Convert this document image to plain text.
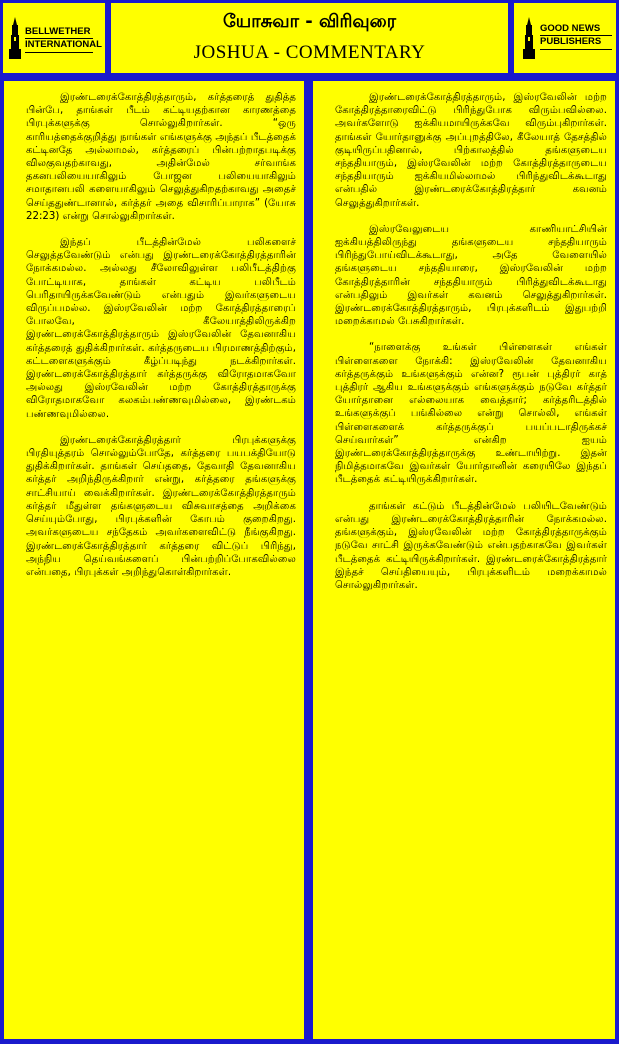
BELLWETHER
INTERNATIONAL
யோசுவா - விரிவுரை
JOSHUA - COMMENTARY
GOOD NEWS
PUBLISHERS

இரண்டரைக்கோத்திரத்தாரும், கர்த்தரைத் துதித்த பின்பே, தாங்கள் பீடம் கட்டியதற்கான காரணத்தை பிரபுக்களுக்கு சொல்லுகிறார்கள். “ஒரு காரியத்தைக்குறித்து நாங்கள் எங்களுக்கு அந்தப் பீடத்தைக் கட்டினதே அல்லாமல், கர்த்தரைப் பின்பற்றாதபடிக்கு விலகுவதற்காவது, அதின்மேல் சர்வாங்க தகனபலியையாகிலும் போஜன பலியையாகிலும் சமாதானபலி களையாகிலும் செலுத்துகிறதற்காவது அதைச் செய்ததுண்டானால், கர்த்தர் அதை விசாரிப்பாராக” (யோசு 22:23) என்று சொல்லுகிறார்கள்.

இந்தப் பீடத்தின்மேல் பலிகளைச் செலுத்தவேண்டும் என்பது இரண்டரைக்கோத்திரத்தாரின் நோக்கமல்ல. அல்லது சீலோவிலுள்ள பலிபீடத்திற்கு போட்டியாக, தாங்கள் கட்டிய பலிபீடம் பெரிதாயிருக்கவேண்டும் என்பதும் இவர்களுடைய விருப்பமல்ல. இஸ்ரவேலின் மற்ற கோத்திரத்தாரைப் போலவே, கீலேயாத்திலிருக்கிற இரண்டரைக்கோத்திரத்தாரும் இஸ்ரவேலின் தேவனாகிய கர்த்தரைத் துதிக்கிறார்கள். கர்த்தருடைய பிரமாணத்திற்கும், கட்டளைகளுக்கும் கீழ்ப்படிந்து நடக்கிறார்கள். இரண்டரைக்கோத்திரத்தார் கர்த்தருக்கு விரோதமாகவோ அல்லது இஸ்ரவேலின் மற்ற கோத்திரத்தாருக்கு விரோதமாகவோ கலகம்பண்ணவுமில்லை, இரண்டகம் பண்ணவுமில்லை.

இரண்டரைக்கோத்திரத்தார் பிரபுக்களுக்கு பிரதியுத்தரம் சொல்லும்போதே, கர்த்தரை பயபக்தியோடு துதிக்கிறார்கள். தாங்கள் செய்ததை, தேவாதி தேவனாகிய கர்த்தர் அறிந்திருக்கிறார் என்று, கர்த்தரை தங்களுக்கு சாட்சியாய் வைக்கிறார்கள். இரண்டரைக்கோத்திரத்தாரும் கர்த்தர் மீதுள்ள தங்களுடைய விசுவாசத்தை அறிக்கை செய்யும்போது, பிரபுக்களின் கோபம் குறைகிறது. அவர்களுடைய சந்தேகம் அவர்களைவிட்டு நீங்குகிறது. இரண்டரைக்கோத்திரத்தார் கர்த்தரை விட்டுப் பிரிந்து, அந்நிய தெய்வங்களைப் பின்பற்றிப்போகவில்லை என்பதை, பிரபுக்கள் அறிந்துகொள்கிறார்கள்.

இரண்டரைக்கோத்திரத்தாரும், இஸ்ரவேலின் மற்ற கோத்திரத்தாரைவிட்டு பிரிந்துபோக விரும்பவில்லை. அவர்களோடு ஐக்கியமாயிருக்கவே விரும்புகிறார்கள். தாங்கள் யோர்தானுக்கு அப்புறத்திலே, கீலேயாத் தேசத்தில் குடியிருப்பதினால், பிற்காலத்தில் தங்களுடைய சந்ததியாரும், இஸ்ரவேலின் மற்ற கோத்திரத்தாருடைய சந்ததியாரும் ஐக்கியமில்லாமல் பிரிந்துவிடக்கூடாது என்பதில் இரண்டரைக்கோத்திரத்தார் கவனம் செலுத்துகிறார்கள்.

இஸ்ரவேலுடைய காணியாட்சியின் ஐக்கியத்திலிருந்து தங்களுடைய சந்ததியாரும் பிரிந்துபோய்விடக்கூடாது, அதே வேளையில் தங்களுடைய சந்ததியாரை, இஸ்ரவேலின் மற்ற கோத்திரத்தாரின் சந்ததியாரும் பிரித்துவிடக்கூடாது என்பதிலும் இவர்கள் கவனம் செலுத்துகிறார்கள். இரண்டரைக்கோத்திரத்தாரும், பிரபுக்களிடம் இதுபற்றி மறைக்காமல் பேசுகிறார்கள்.

“நாளைக்கு உங்கள் பிள்ளைகள் எங்கள் பிள்ளைகளை நோக்கி: இஸ்ரவேலின் தேவனாகிய கர்த்தருக்கும் உங்களுக்கும் என்ன? ரூபன் புத்திரர் காத் புத்திரர் ஆகிய உங்களுக்கும் எங்களுக்கும் நடுவே கர்த்தர் யோர்தானை எல்லையாக வைத்தார்; கர்த்தரிடத்தில் உங்களுக்குப் பங்கில்லை என்று சொல்லி, எங்கள் பிள்ளைகளைக் கர்த்தருக்குப் பயப்படாதிருக்கச் செய்வார்கள்” என்கிற ஐயம் இரண்டரைக்கோத்திரத்தாருக்கு உண்டாயிற்று. இதன் நிமித்தமாகவே இவர்கள் யோர்தானின் கரையிலே இந்தப் பீடத்தைக் கட்டியிருக்கிறார்கள்.

தாங்கள் கட்டும் பீடத்தின்மேல் பலியிடவேண்டும் என்பது இரண்டரைக்கோத்திரத்தாரின் நோக்கமல்ல. தங்களுக்கும், இஸ்ரவேலின் மற்ற கோத்திரத்தாருக்கும் நடுவே சாட்சி இருக்கவேண்டும் என்பதற்காகவே இவர்கள் பீடத்தைக் கட்டியிருக்கிறார்கள். இரண்டரைக்கோத்திரத்தார் இந்தச் செய்தியையும், பிரபுக்களிடம் மறைக்காமல் சொல்லுகிறார்கள்.
